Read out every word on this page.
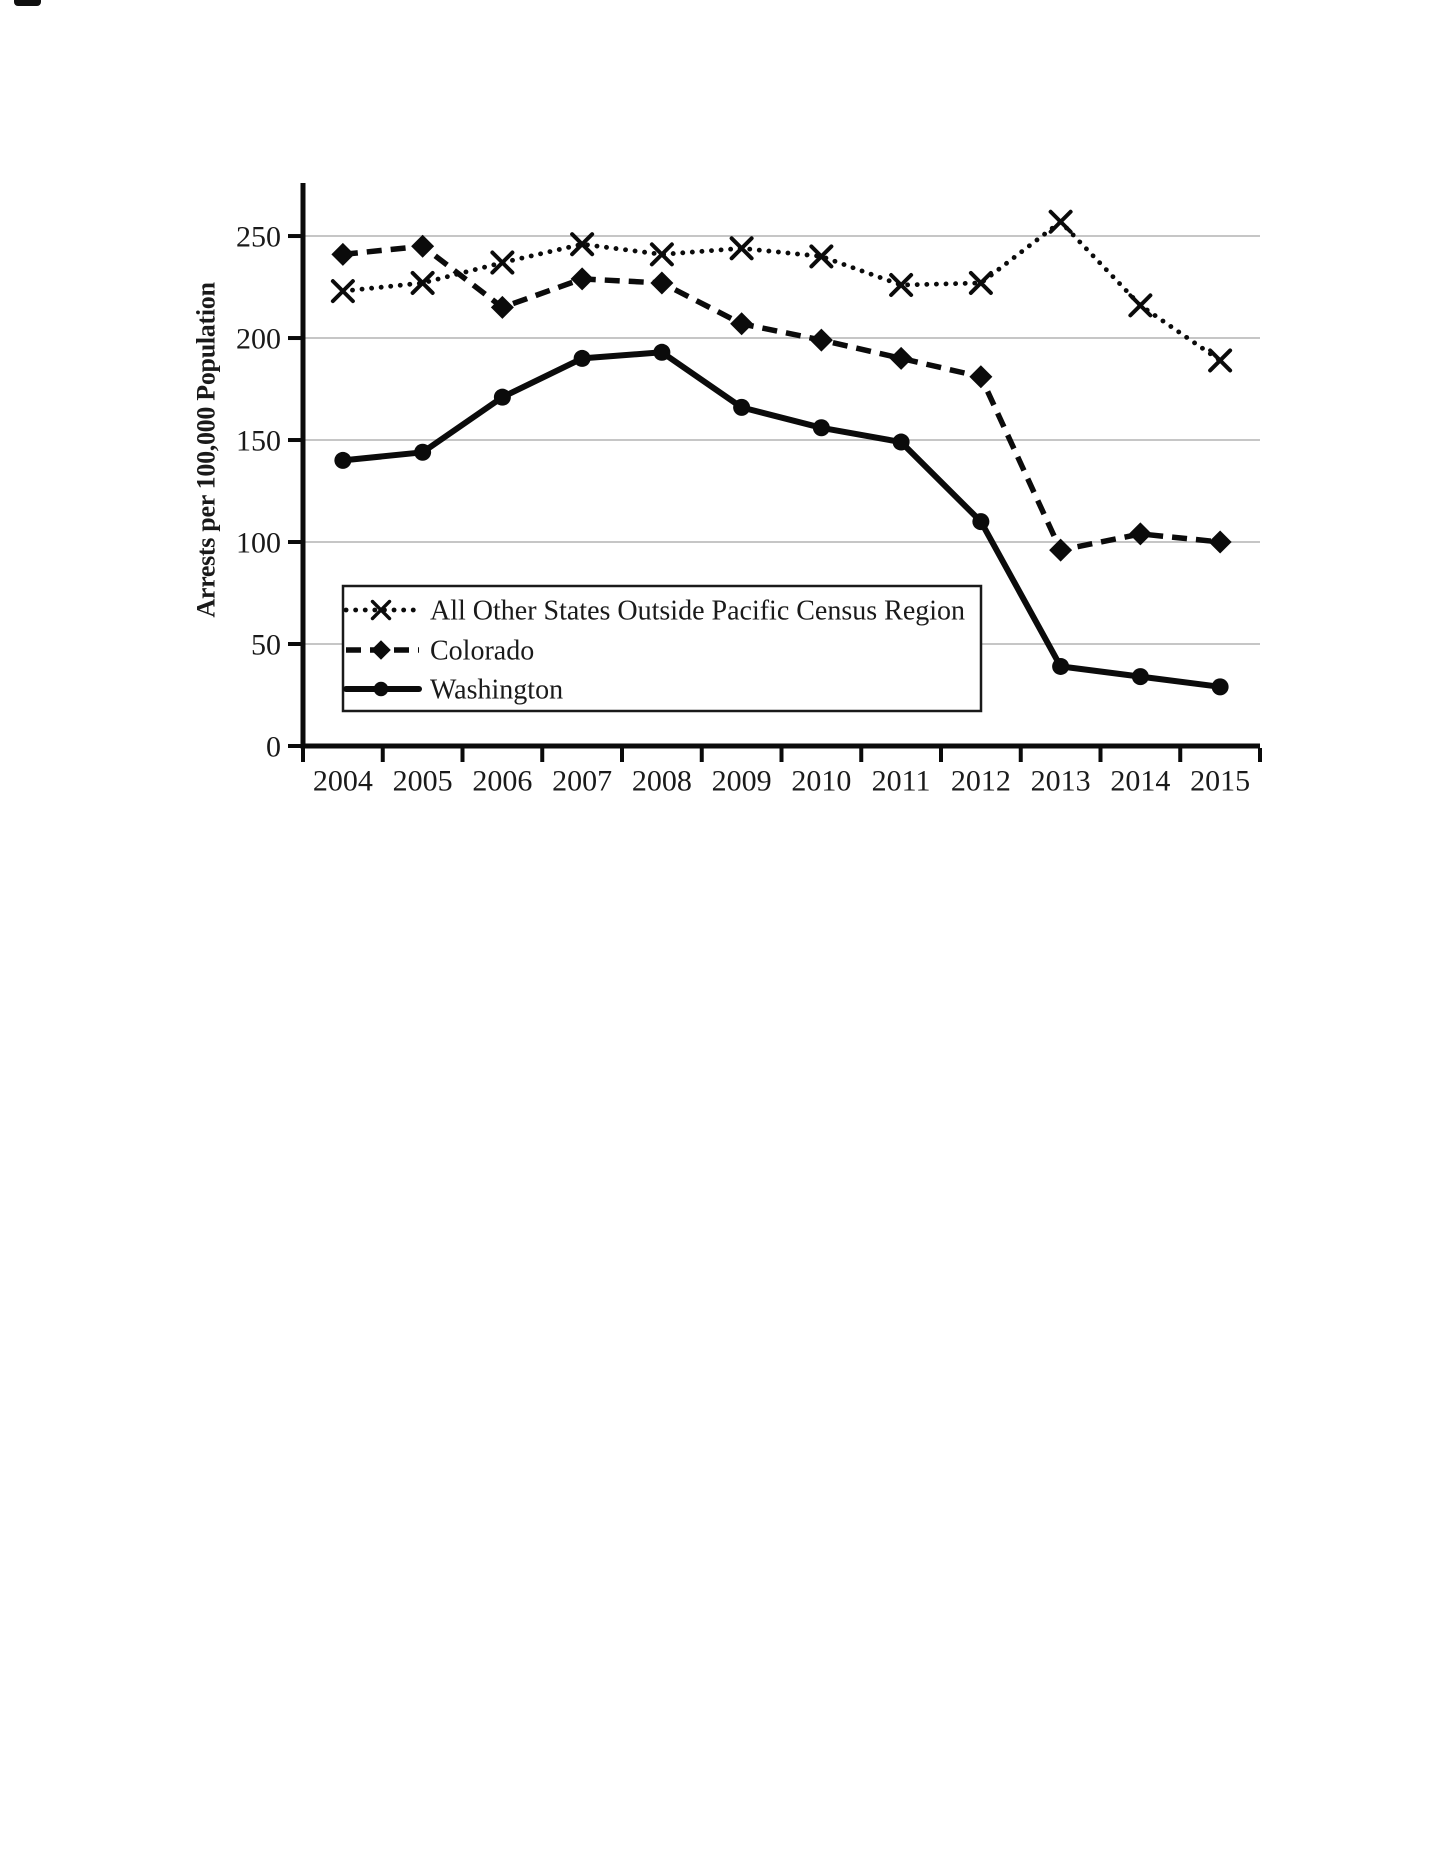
0
50
100
150
200
250
2004 2005 2006 2007 2008 2009 2010 2011 2012 2013 2014 2015
Arrests per 100,000 Population	All Other States Outside Pacific Census Region
Colorado
Washington
